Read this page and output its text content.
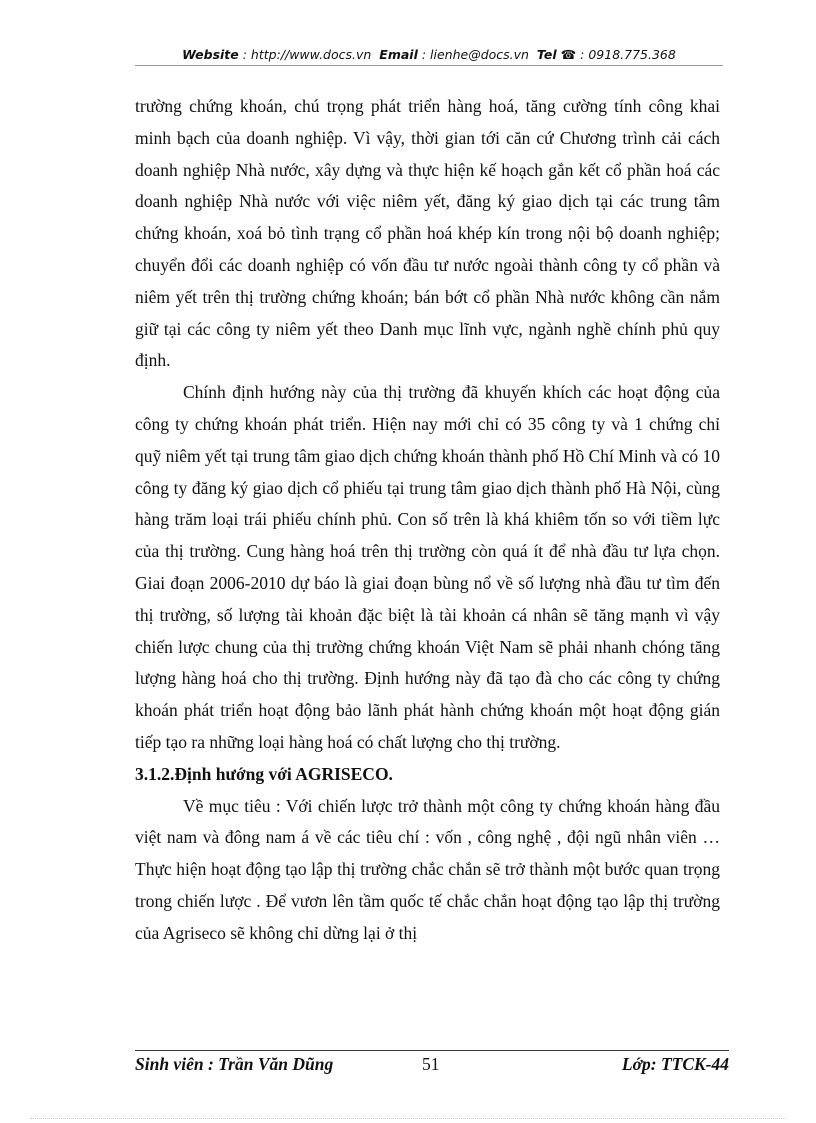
Website : http://www.docs.vn Email : lienhe@docs.vn Tel ☎ : 0918.775.368

trường chứng khoán, chú trọng phát triển hàng hoá, tăng cường tính công khai minh bạch của doanh nghiệp. Vì vậy, thời gian tới căn cứ Chương trình cải cách doanh nghiệp Nhà nước, xây dựng và thực hiện kế hoạch gắn kết cổ phần hoá các doanh nghiệp Nhà nước với việc niêm yết, đăng ký giao dịch tại các trung tâm chứng khoán, xoá bỏ tình trạng cổ phần hoá khép kín trong nội bộ doanh nghiệp; chuyển đổi các doanh nghiệp có vốn đầu tư nước ngoài thành công ty cổ phần và niêm yết trên thị trường chứng khoán; bán bớt cổ phần Nhà nước không cần nắm giữ tại các công ty niêm yết theo Danh mục lĩnh vực, ngành nghề chính phủ quy định.

Chính định hướng này của thị trường đã khuyến khích các hoạt động của công ty chứng khoán phát triển. Hiện nay mới chỉ có 35 công ty và 1 chứng chỉ quỹ niêm yết tại trung tâm giao dịch chứng khoán thành phố Hồ Chí Minh và có 10 công ty đăng ký giao dịch cổ phiếu tại trung tâm giao dịch thành phố Hà Nội, cùng hàng trăm loại trái phiếu chính phủ. Con số trên là khá khiêm tốn so với tiềm lực của thị trường. Cung hàng hoá trên thị trường còn quá ít để nhà đầu tư lựa chọn. Giai đoạn 2006-2010 dự báo là giai đoạn bùng nổ về số lượng nhà đầu tư tìm đến thị trường, số lượng tài khoản đặc biệt là tài khoản cá nhân sẽ tăng mạnh vì vậy chiến lược chung của thị trường chứng khoán Việt Nam sẽ phải nhanh chóng tăng lượng hàng hoá cho thị trường. Định hướng này đã tạo đà cho các công ty chứng khoán phát triển hoạt động bảo lãnh phát hành chứng khoán một hoạt động gián tiếp tạo ra những loại hàng hoá có chất lượng cho thị trường.

3.1.2.Định hướng với AGRISECO.

Về mục tiêu : Với chiến lược trở thành một công ty chứng khoán hàng đầu việt nam và đông nam á về các tiêu chí : vốn , công nghệ , đội ngũ nhân viên … Thực hiện hoạt động tạo lập thị trường chắc chắn sẽ trở thành một bước quan trọng trong chiến lược . Để vươn lên tầm quốc tế chắc chắn hoạt động tạo lập thị trường của Agriseco sẽ không chỉ dừng lại ở thị

Sinh viên : Trần Văn Dũng	51	Lớp: TTCK-44
